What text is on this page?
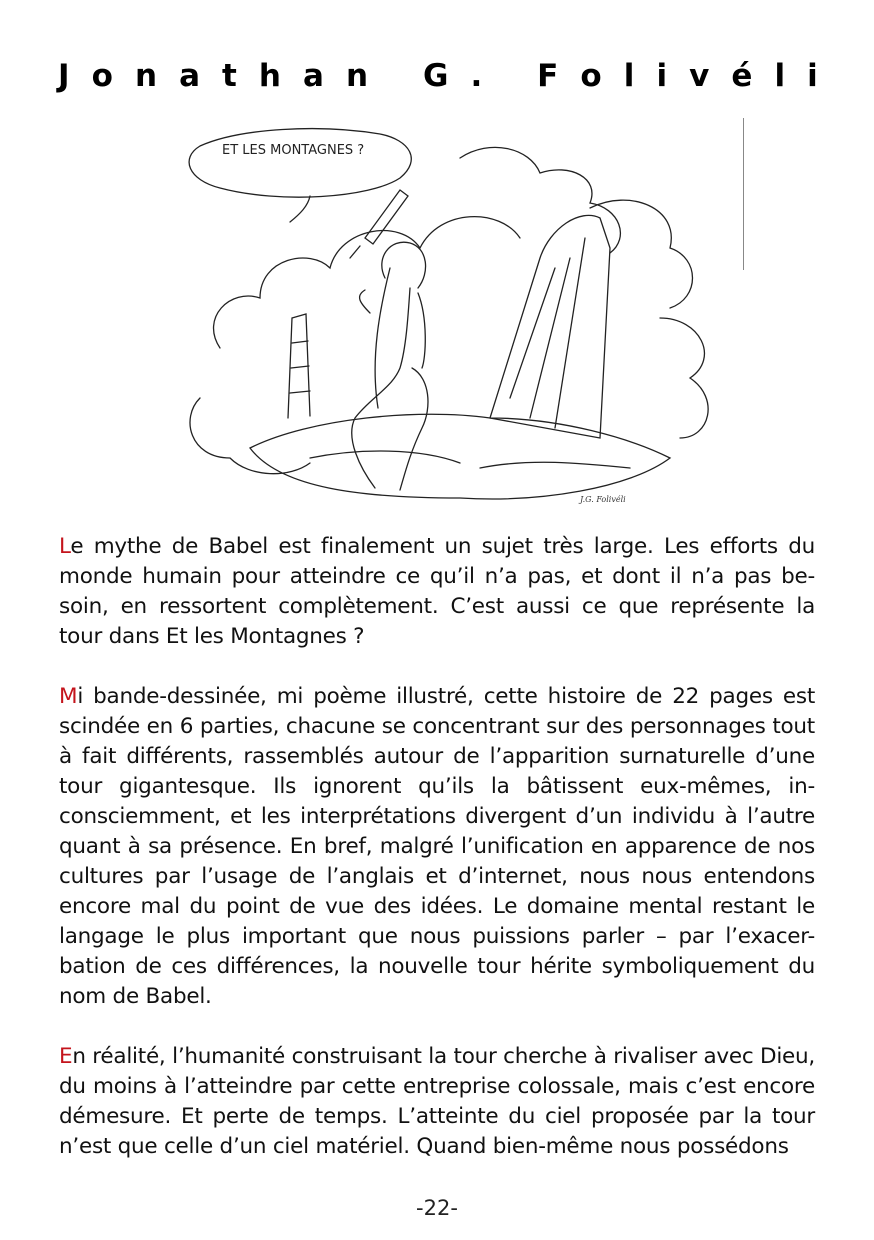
J o n a t h a n
G .
F o l i v é l i
ET LES MONTAGNES ?
J.G. Folivéli

Le mythe de Babel est finalement un sujet très large. Les efforts du monde humain pour atteindre ce qu’il n’a pas, et dont il n’a pas be-soin, en ressortent complètement. C’est aussi ce que représente la tour dans Et les Montagnes ?

Mi bande-dessinée, mi poème illustré, cette histoire de 22 pages est scindée en 6 parties, chacune se concentrant sur des personnages tout à fait différents, rassemblés autour de l’apparition surnaturelle d’une tour gigantesque. Ils ignorent qu’ils la bâtissent eux-mêmes, in-consciemment, et les interprétations divergent d’un individu à l’autre quant à sa présence. En bref, malgré l’unification en apparence de nos cultures par l’usage de l’anglais et d’internet, nous nous entendons encore mal du point de vue des idées. Le domaine mental restant le langage le plus important que nous puissions parler – par l’exacer-bation de ces différences, la nouvelle tour hérite symboliquement du nom de Babel.

En réalité, l’humanité construisant la tour cherche à rivaliser avec Dieu, du moins à l’atteindre par cette entreprise colossale, mais c’est encore démesure. Et perte de temps. L’atteinte du ciel proposée par la tour n’est que celle d’un ciel matériel. Quand bien-même nous possédons

-22-
